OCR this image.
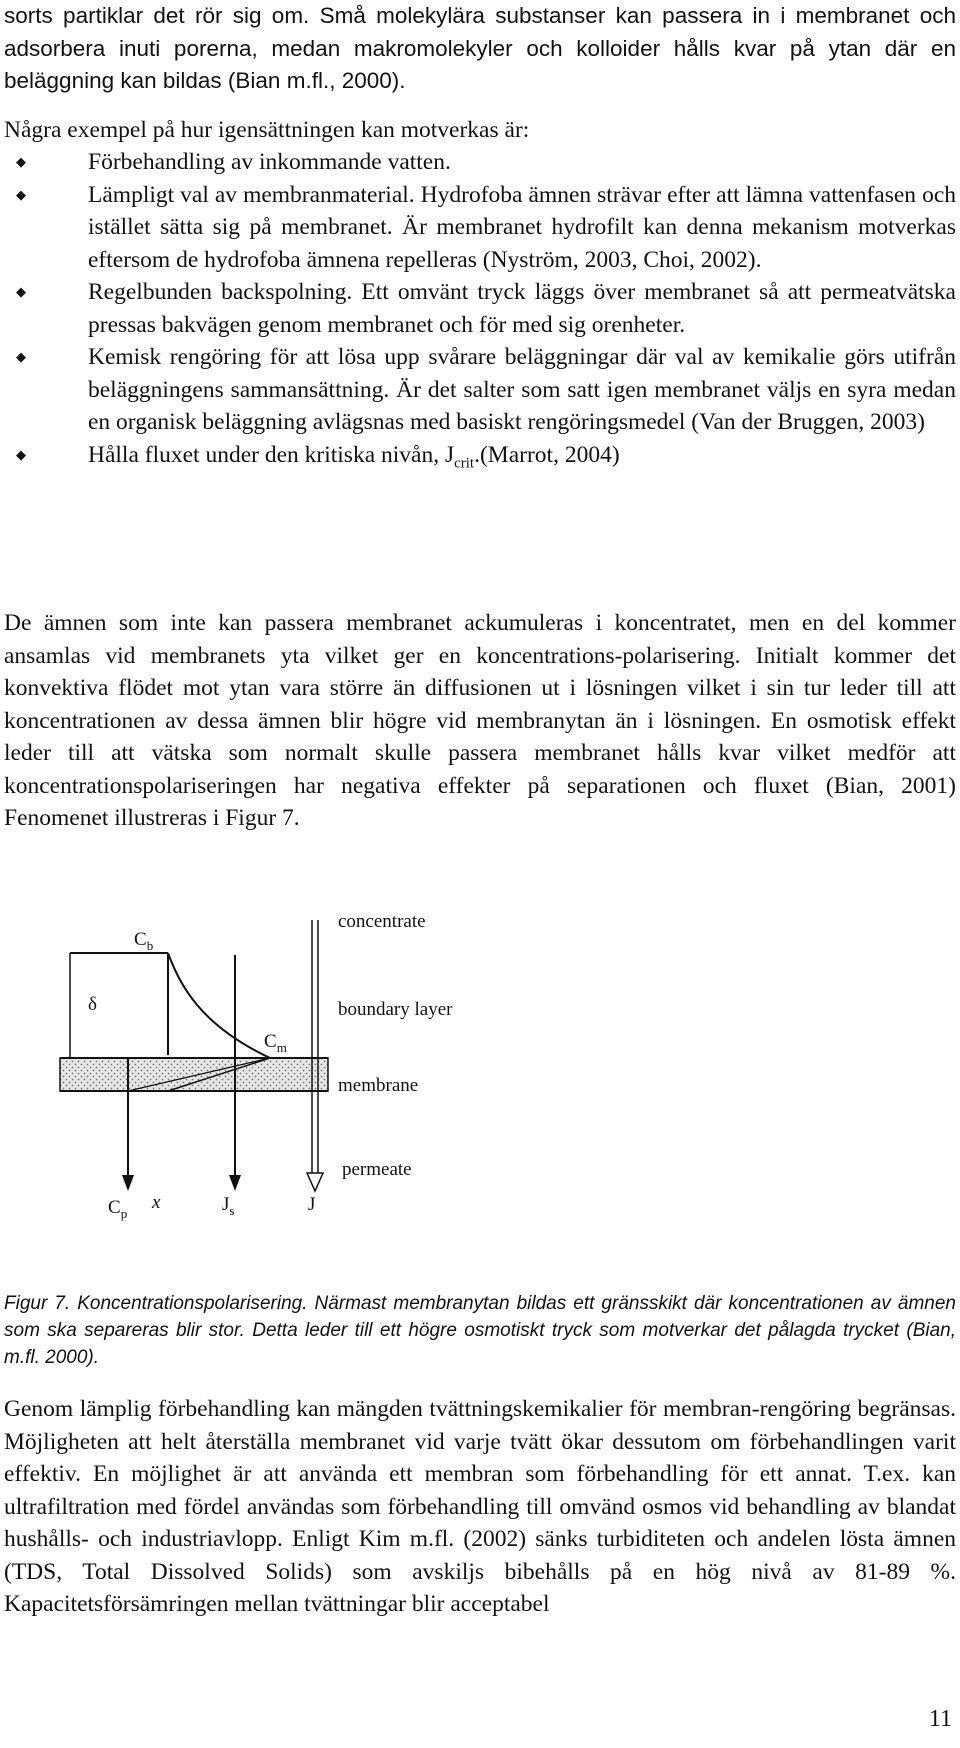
sorts partiklar det rör sig om. Små molekylära substanser kan passera in i membranet och adsorbera inuti porerna, medan makromolekyler och kolloider hålls kvar på ytan där en beläggning kan bildas (Bian m.fl., 2000).

Några exempel på hur igensättningen kan motverkas är:

◆	Förbehandling av inkommande vatten.
◆	Lämpligt val av membranmaterial. Hydrofoba ämnen strävar efter att lämna vattenfasen och istället sätta sig på membranet. Är membranet hydrofilt kan denna mekanism motverkas eftersom de hydrofoba ämnena repelleras (Nyström, 2003, Choi, 2002).
◆	Regelbunden backspolning. Ett omvänt tryck läggs över membranet så att permeatvätska pressas bakvägen genom membranet och för med sig orenheter.
◆	Kemisk rengöring för att lösa upp svårare beläggningar där val av kemikalie görs utifrån beläggningens sammansättning. Är det salter som satt igen membranet väljs en syra medan en organisk beläggning avlägsnas med basiskt rengöringsmedel (Van der Bruggen, 2003)
◆	Hålla fluxet under den kritiska nivån, $J_{crit}.(Marrot$, 2004)

De ämnen som inte kan passera membranet ackumuleras i koncentratet, men en del kommer ansamlas vid membranets yta vilket ger en koncentrations-polarisering. Initialt kommer det konvektiva flödet mot ytan vara större än diffusionen ut i lösningen vilket i sin tur leder till att koncentrationen av dessa ämnen blir högre vid membranytan än i lösningen. En osmotisk effekt leder till att vätska som normalt skulle passera membranet hålls kvar vilket medför att koncentrationspolariseringen har negativa effekter på separationen och fluxet (Bian, 2001) Fenomenet illustreras i Figur 7.

concentrate
boundary layer
membrane
permeate
$C_b$
δ
$C_m$
$C_p$
x	$J_s$	J

Figur 7. Koncentrationspolarisering. Närmast membranytan bildas ett gränsskikt där koncentrationen av ämnen som ska separeras blir stor. Detta leder till ett högre osmotiskt tryck som motverkar det pålagda trycket (Bian, m.fl. 2000).

Genom lämplig förbehandling kan mängden tvättningskemikalier för membran-rengöring begränsas. Möjligheten att helt återställa membranet vid varje tvätt ökar dessutom om förbehandlingen varit effektiv. En möjlighet är att använda ett membran som förbehandling för ett annat. T.ex. kan ultrafiltration med fördel användas som förbehandling till omvänd osmos vid behandling av blandat hushålls- och industriavlopp. Enligt Kim m.fl. (2002) sänks turbiditeten och andelen lösta ämnen (TDS, Total Dissolved Solids) som avskiljs bibehålls på en hög nivå av 81-89 %. Kapacitetsförsämringen mellan tvättningar blir acceptabel

11
